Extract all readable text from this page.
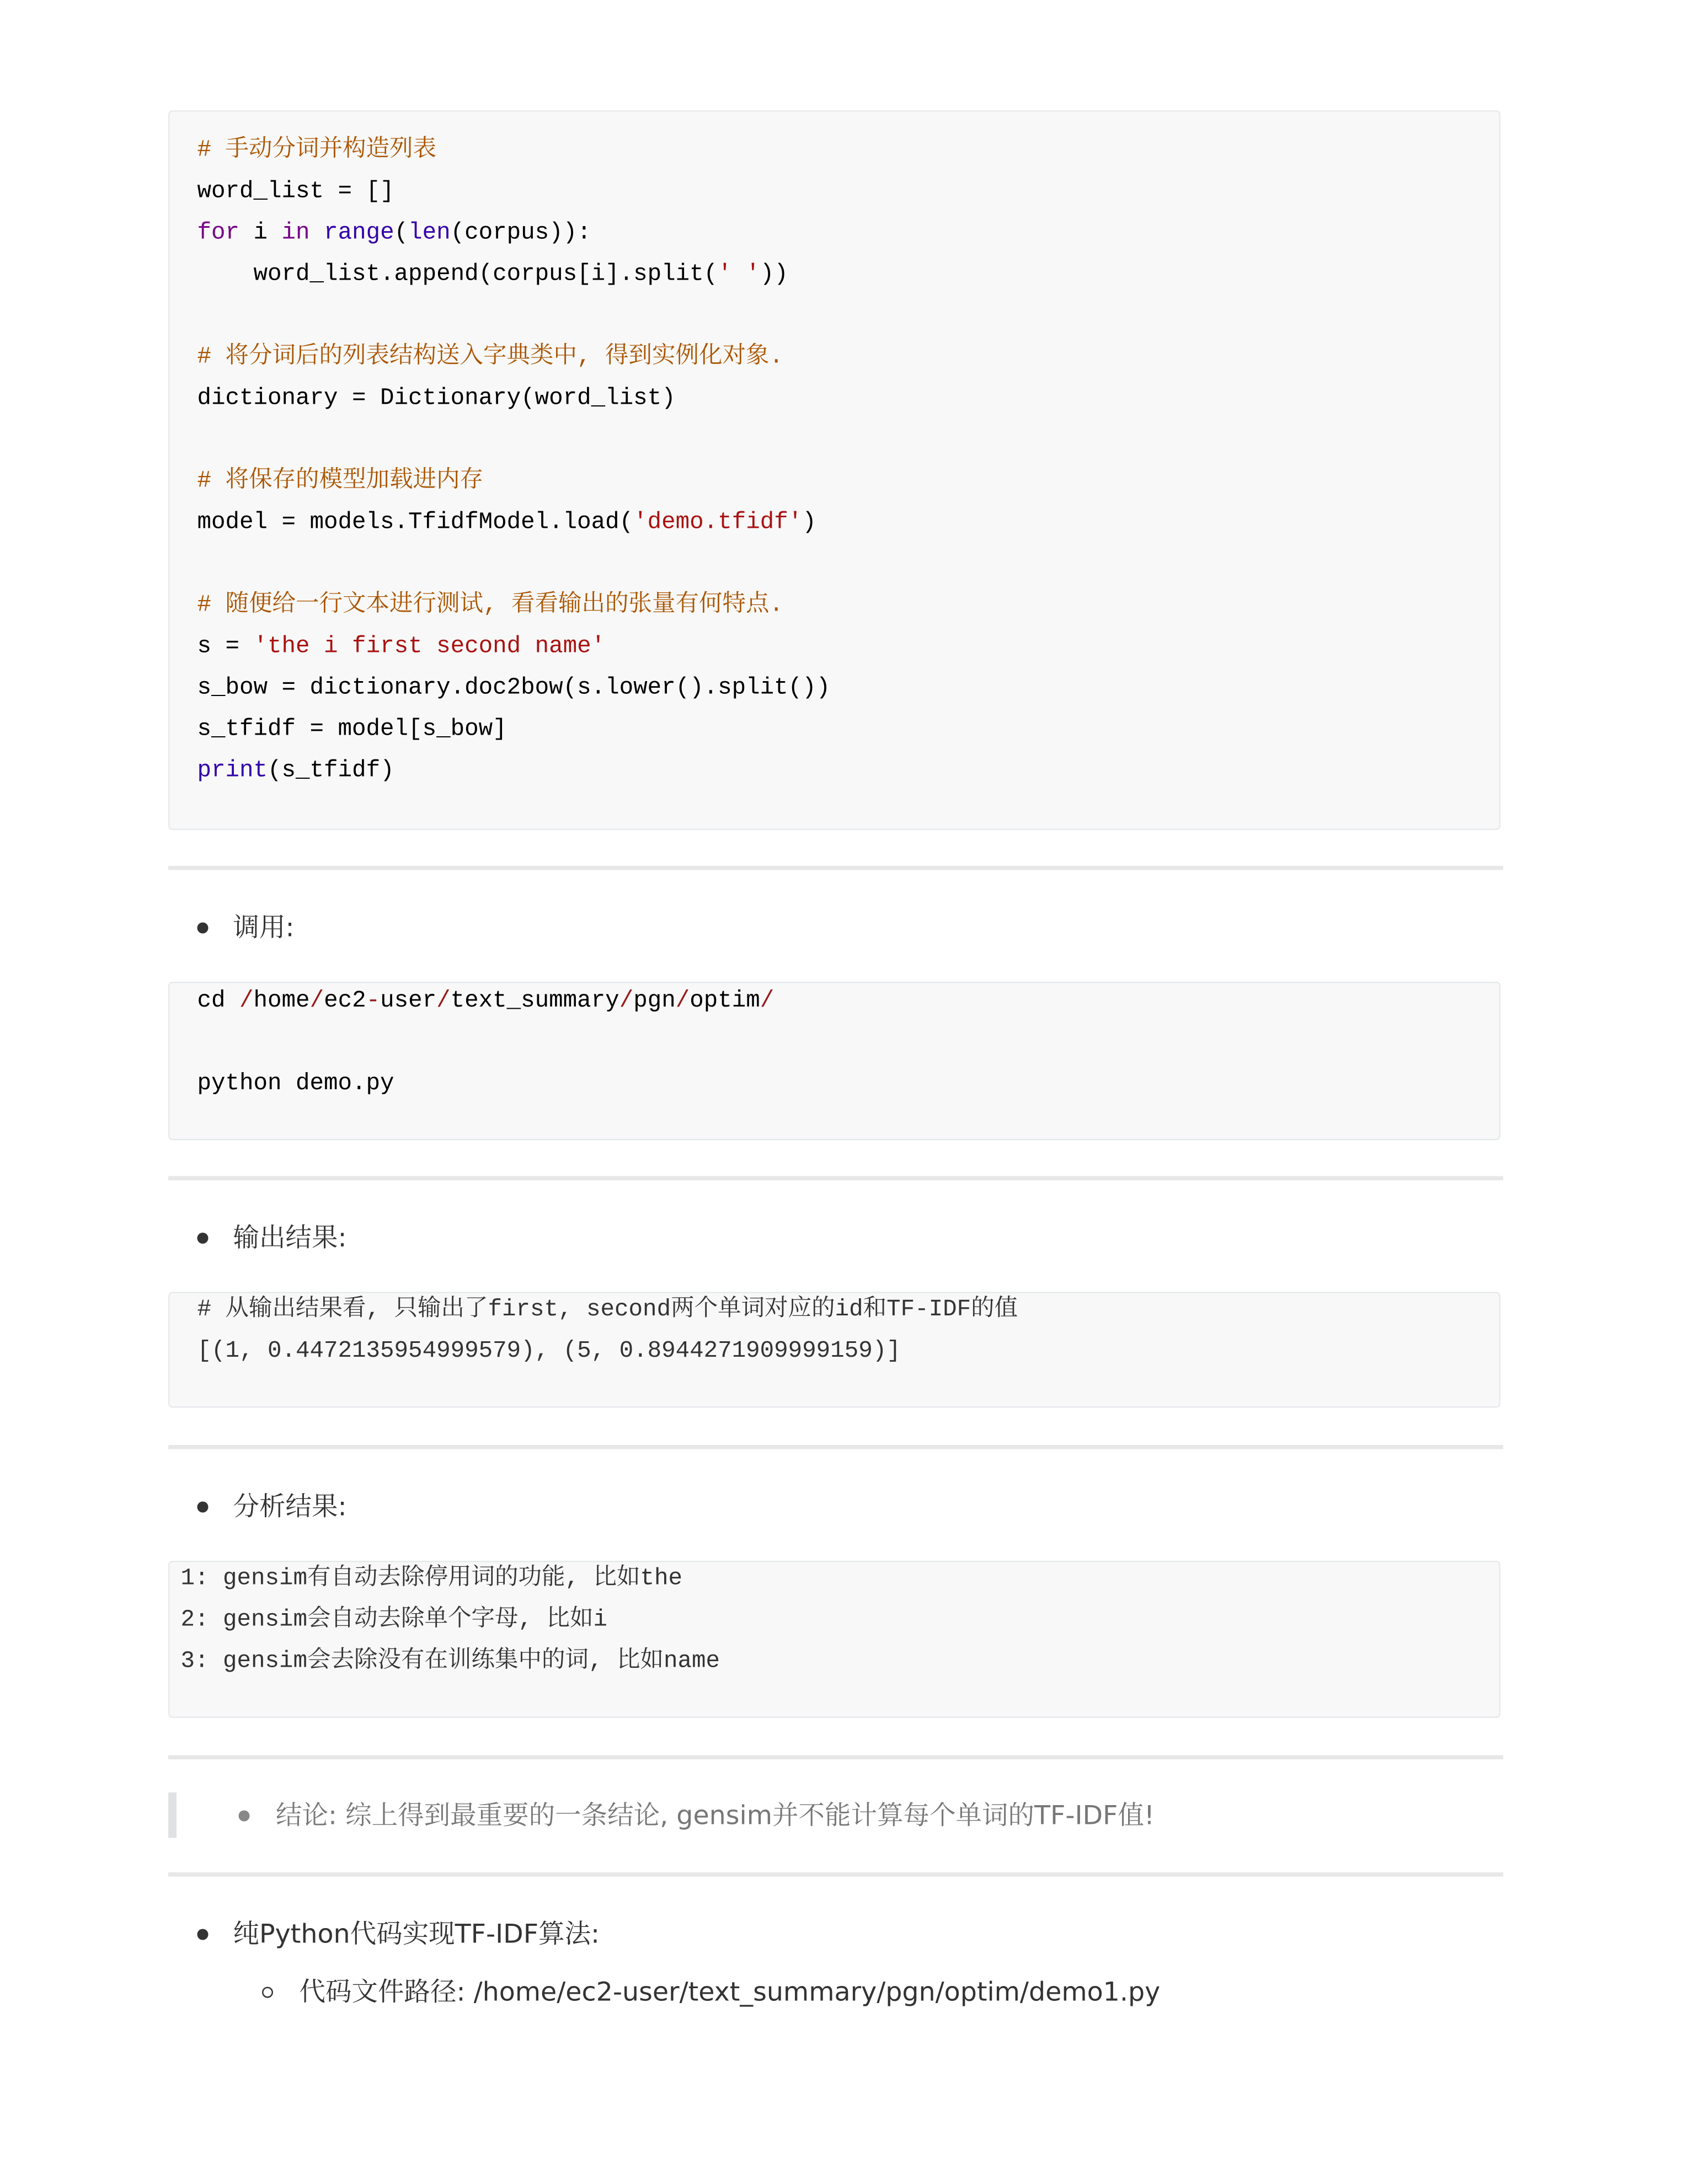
# 手动分词并构造列表
word_list = []
for i in range(len(corpus)):
word_list.append(corpus[i].split(' '))
# 将分词后的列表结构送入字典类中, 得到实例化对象.
dictionary = Dictionary(word_list)
# 将保存的模型加载进内存
model = models.TfidfModel.load('demo.tfidf')
# 随便给一行文本进行测试, 看看输出的张量有何特点.
s = 'the i first second name'
s_bow = dictionary.doc2bow(s.lower().split())
s_tfidf = model[s_bow]
print(s_tfidf)
调用:
cd /home/ec2-user/text_summary/pgn/optim/
python demo.py
输出结果:
# 从输出结果看, 只输出了first, second两个单词对应的id和TF-IDF的值
[(1, 0.4472135954999579), (5, 0.8944271909999159)]
分析结果:
1: gensim有自动去除停用词的功能, 比如the
2: gensim会自动去除单个字母, 比如i
3: gensim会去除没有在训练集中的词, 比如name
结论: 综上得到最重要的一条结论, gensim并不能计算每个单词的TF-IDF值!
纯Python代码实现TF-IDF算法:
代码文件路径: /home/ec2-user/text_summary/pgn/optim/demo1.py
